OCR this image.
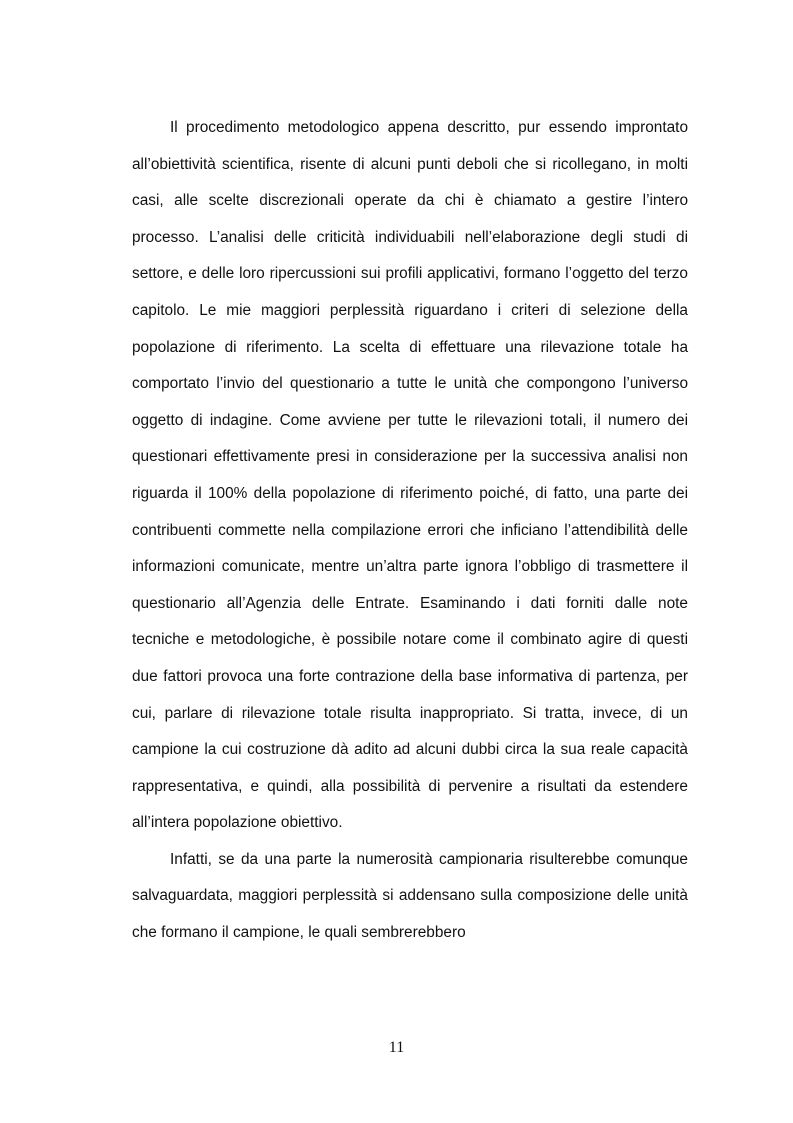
Il procedimento metodologico appena descritto, pur essendo improntato all’obiettività scientifica, risente di alcuni punti deboli che si ricollegano, in molti casi, alle scelte discrezionali operate da chi è chiamato a gestire l’intero processo. L’analisi delle criticità individuabili nell’elaborazione degli studi di settore, e delle loro ripercussioni sui profili applicativi, formano l’oggetto del terzo capitolo. Le mie maggiori perplessità riguardano i criteri di selezione della popolazione di riferimento. La scelta di effettuare una rilevazione totale ha comportato l’invio del questionario a tutte le unità che compongono l’universo oggetto di indagine. Come avviene per tutte le rilevazioni totali, il numero dei questionari effettivamente presi in considerazione per la successiva analisi non riguarda il 100% della popolazione di riferimento poiché, di fatto, una parte dei contribuenti commette nella compilazione errori che inficiano l’attendibilità delle informazioni comunicate, mentre un’altra parte ignora l’obbligo di trasmettere il questionario all’Agenzia delle Entrate. Esaminando i dati forniti dalle note tecniche e metodologiche, è possibile notare come il combinato agire di questi due fattori provoca una forte contrazione della base informativa di partenza, per cui, parlare di rilevazione totale risulta inappropriato. Si tratta, invece, di un campione la cui costruzione dà adito ad alcuni dubbi circa la sua reale capacità rappresentativa, e quindi, alla possibilità di pervenire a risultati da estendere all’intera popolazione obiettivo.

Infatti, se da una parte la numerosità campionaria risulterebbe comunque salvaguardata, maggiori perplessità si addensano sulla composizione delle unità che formano il campione, le quali sembrerebbero

11
